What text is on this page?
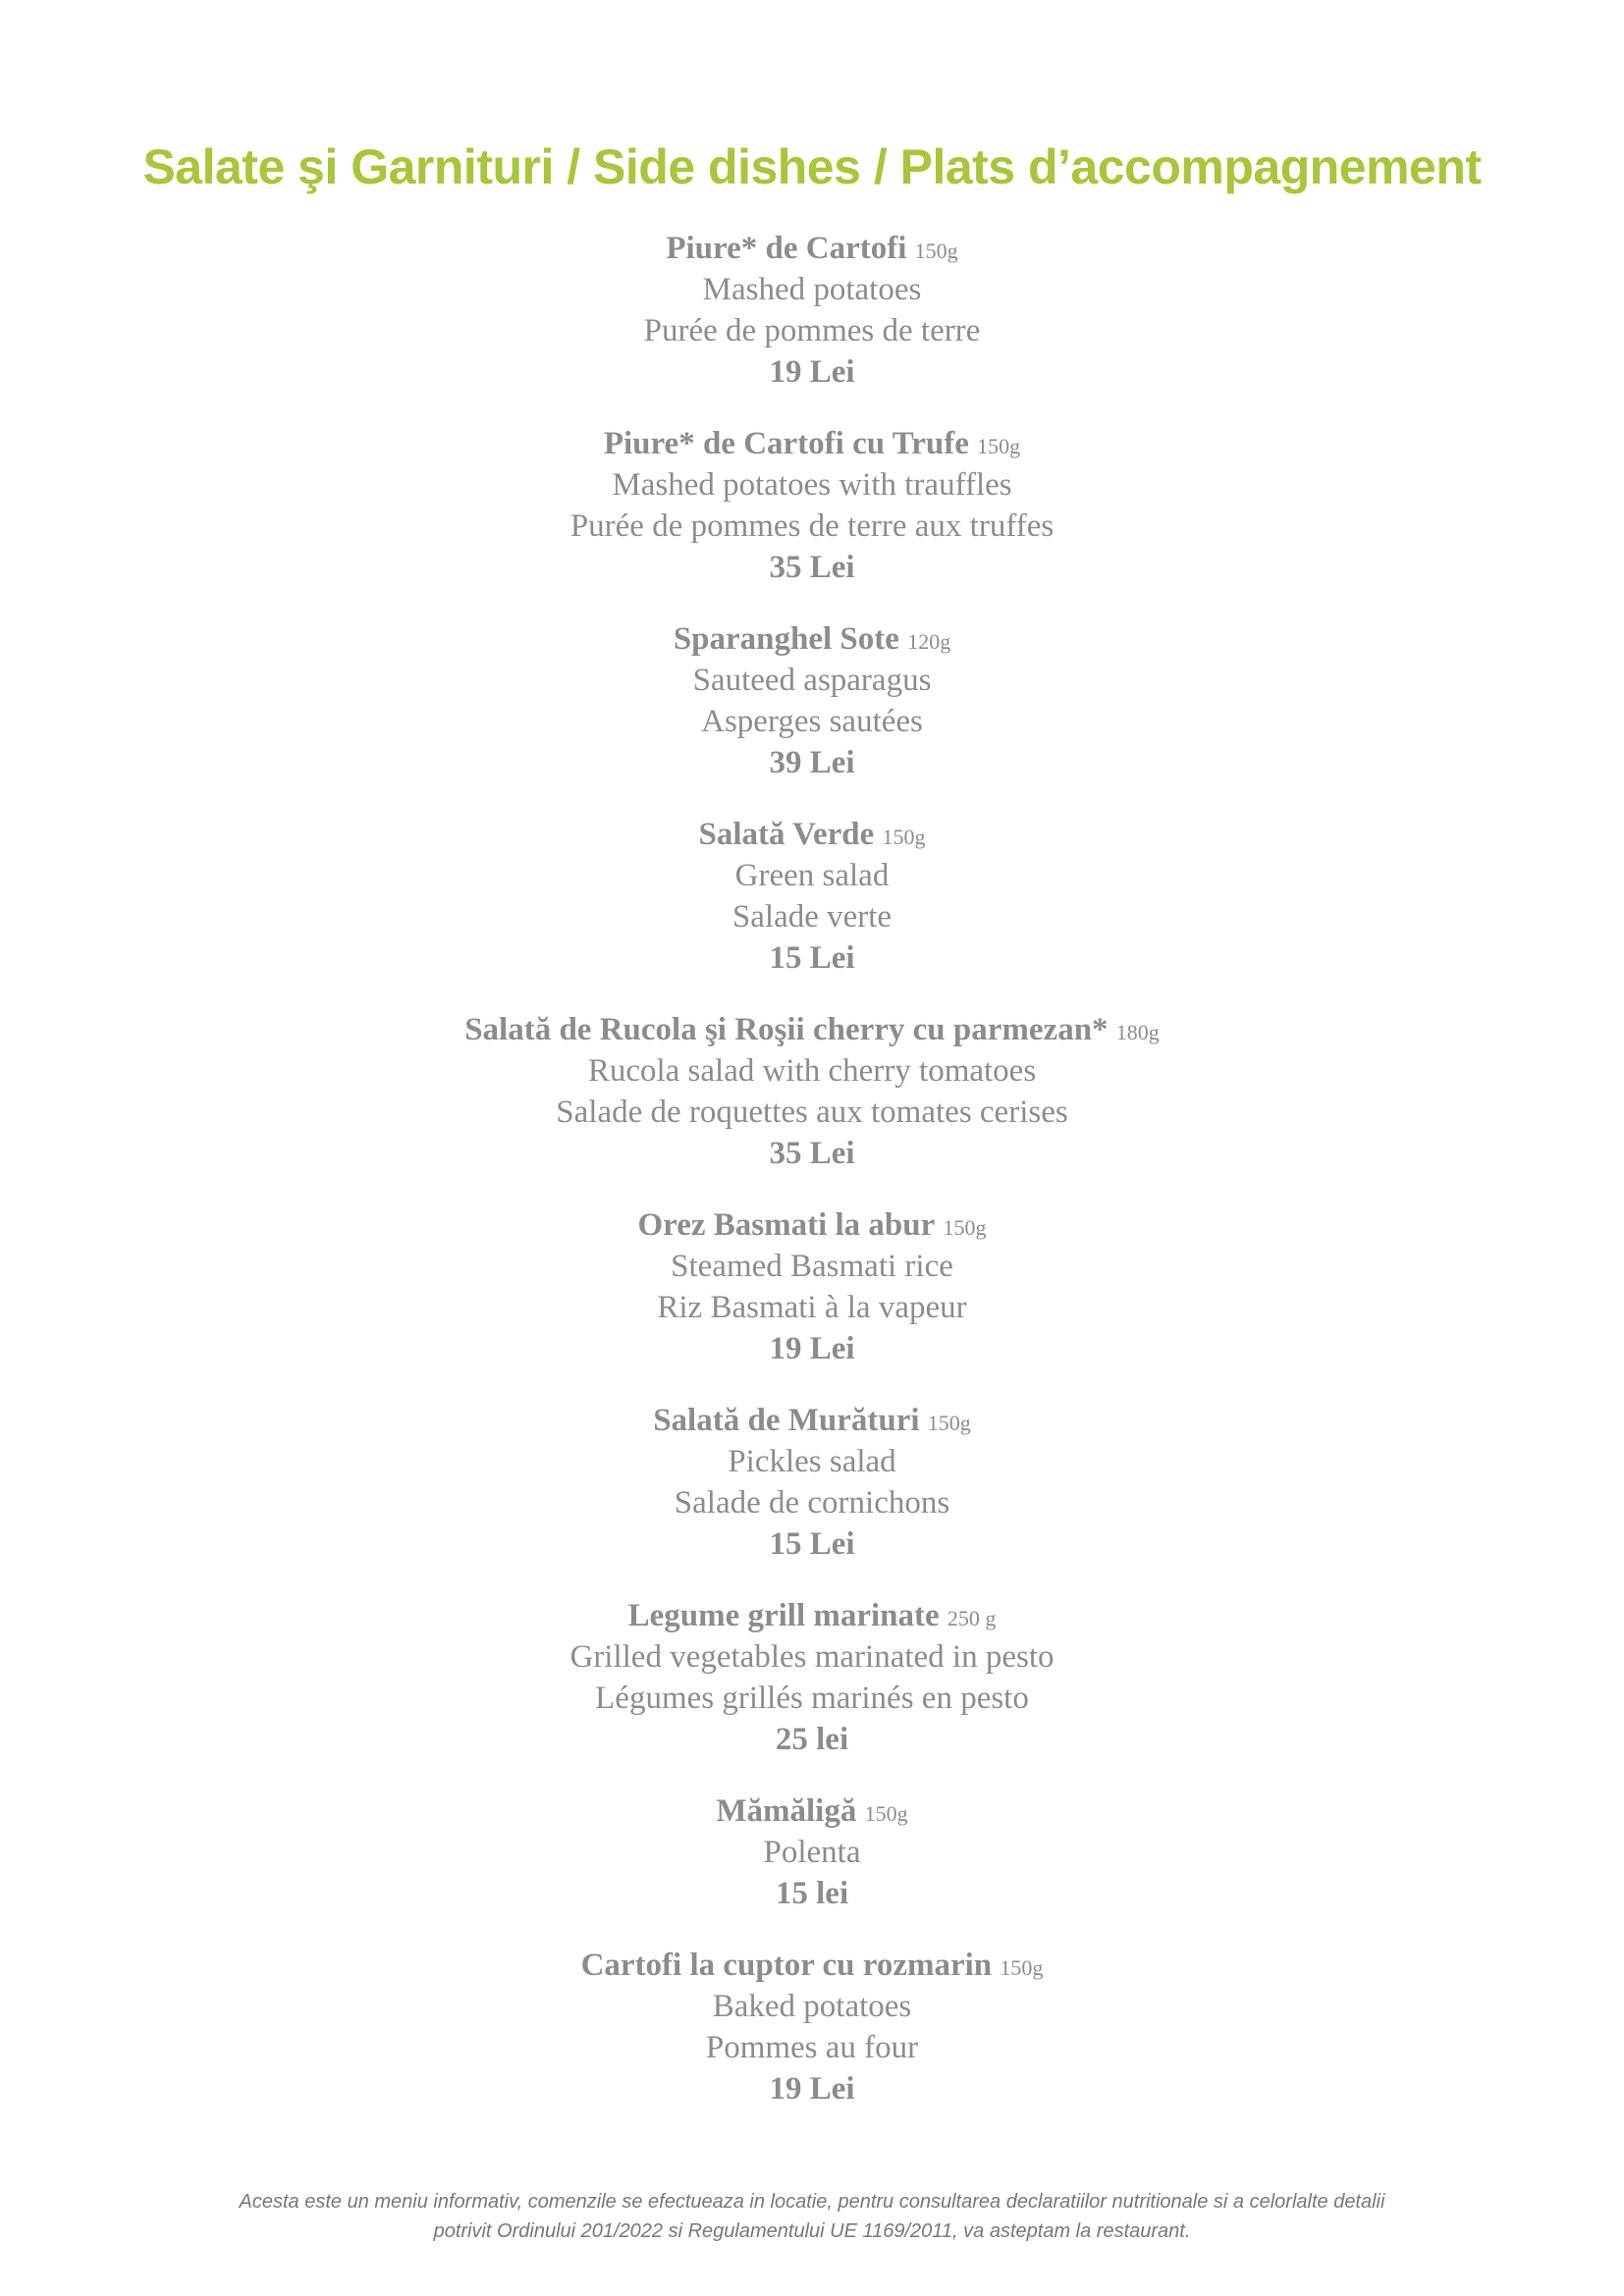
Salate şi Garnituri / Side dishes / Plats d’accompagnement
Piure* de Cartofi 150g
Mashed potatoes
Purée de pommes de terre
19 Lei
Piure* de Cartofi cu Trufe 150g
Mashed potatoes with trauffles
Purée de pommes de terre aux truffes
35 Lei
Sparanghel Sote 120g
Sauteed asparagus
Asperges sautées
39 Lei
Salată Verde 150g
Green salad
Salade verte
15 Lei
Salată de Rucola şi Roşii cherry cu parmezan* 180g
Rucola salad with cherry tomatoes
Salade de roquettes aux tomates cerises
35 Lei
Orez Basmati la abur 150g
Steamed Basmati rice
Riz Basmati à la vapeur
19 Lei
Salată de Murături 150g
Pickles salad
Salade de cornichons
15 Lei
Legume grill marinate 250 g
Grilled vegetables marinated in pesto
Légumes grillés marinés en pesto
25 lei
Mămăligă 150g
Polenta
15 lei
Cartofi la cuptor cu rozmarin 150g
Baked potatoes
Pommes au four
19 Lei
Acesta este un meniu informativ, comenzile se efectueaza in locatie, pentru consultarea declaratiilor nutritionale si a celorlalte detalii
potrivit Ordinului 201/2022 si Regulamentului UE 1169/2011, va asteptam la restaurant.
